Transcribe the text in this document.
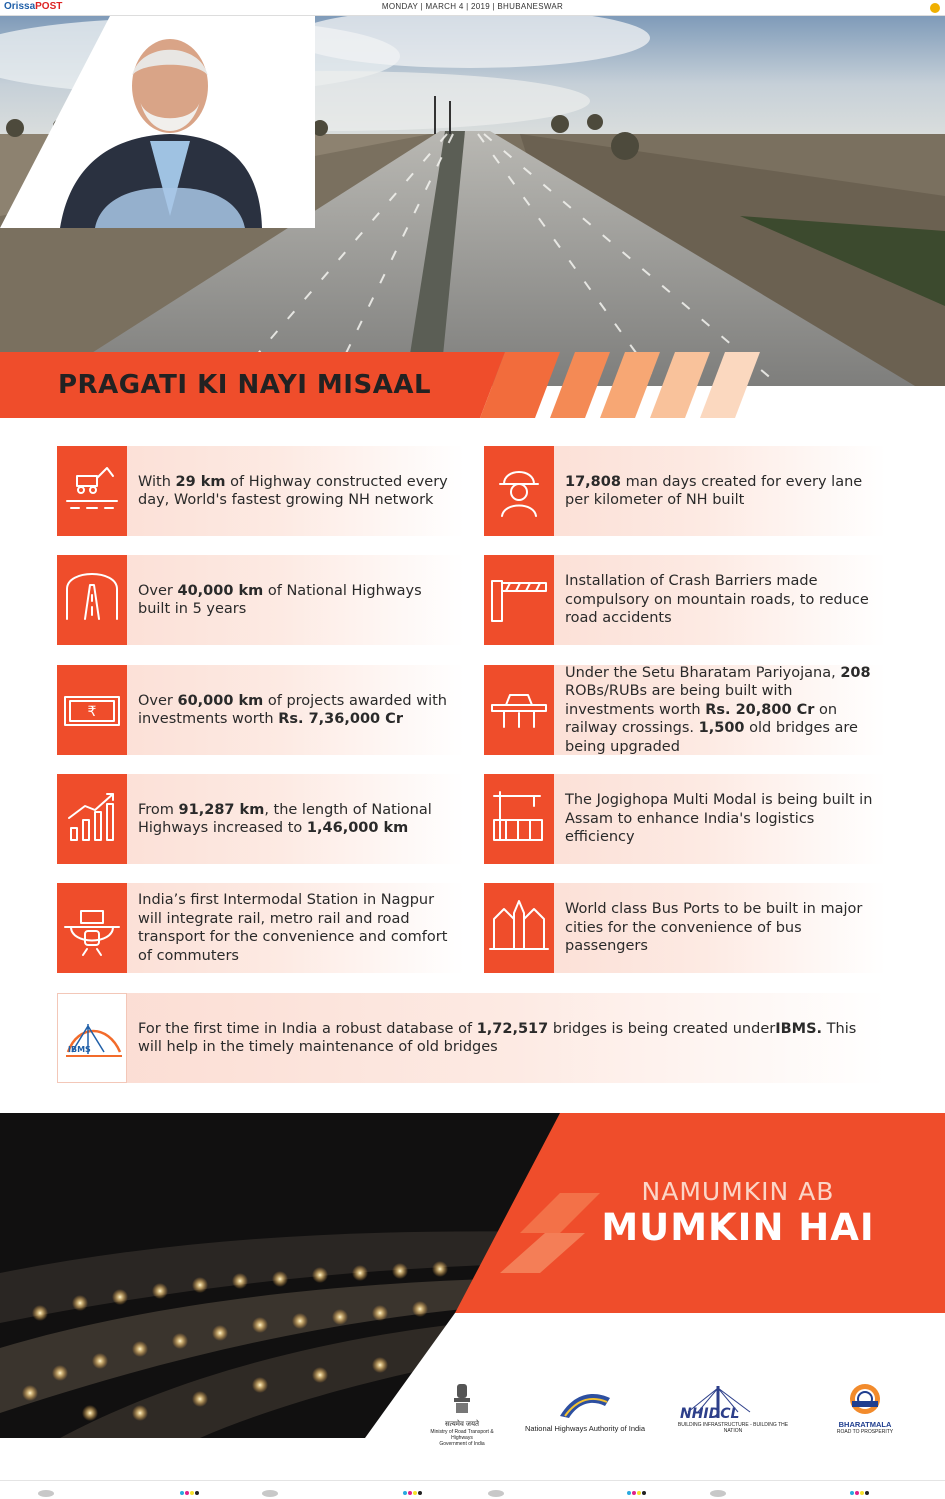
OrissaPOST	MONDAY | MARCH 4 | 2019 | BHUBANESWAR
PRAGATI KI NAYI MISAAL
With 29 km of Highway constructed every day, World's fastest growing NH network
17,808 man days created for every lane per kilometer of NH built
Over 40,000 km of National Highways built in 5 years
Installation of Crash Barriers made compulsory on mountain roads, to reduce road accidents
₹
Over 60,000 km of projects awarded with investments worth Rs. 7,36,000 Cr
Under the Setu Bharatam Pariyojana, 208 ROBs/RUBs are being built with investments worth Rs. 20,800 Cr on railway crossings. 1,500 old bridges are being upgraded
From 91,287 km, the length of National Highways increased to 1,46,000 km
The Jogighopa Multi Modal is being built in Assam to enhance India's logistics efficiency
India’s first Intermodal Station in Nagpur will integrate rail, metro rail and road transport for the convenience and comfort of commuters
World class Bus Ports to be built in major cities for the convenience of bus passengers
IBMS
For the first time in India a robust database of 1,72,517 bridges is being created underIBMS. This will help in the timely maintenance of old bridges
NAMUMKIN AB
MUMKIN HAI
सत्यमेव जयते
Ministry of Road Transport & Highways
Government of India
National Highways Authority of India
NHIDCL
BUILDING INFRASTRUCTURE - BUILDING THE NATION
BHARATMALA
ROAD TO PROSPERITY
